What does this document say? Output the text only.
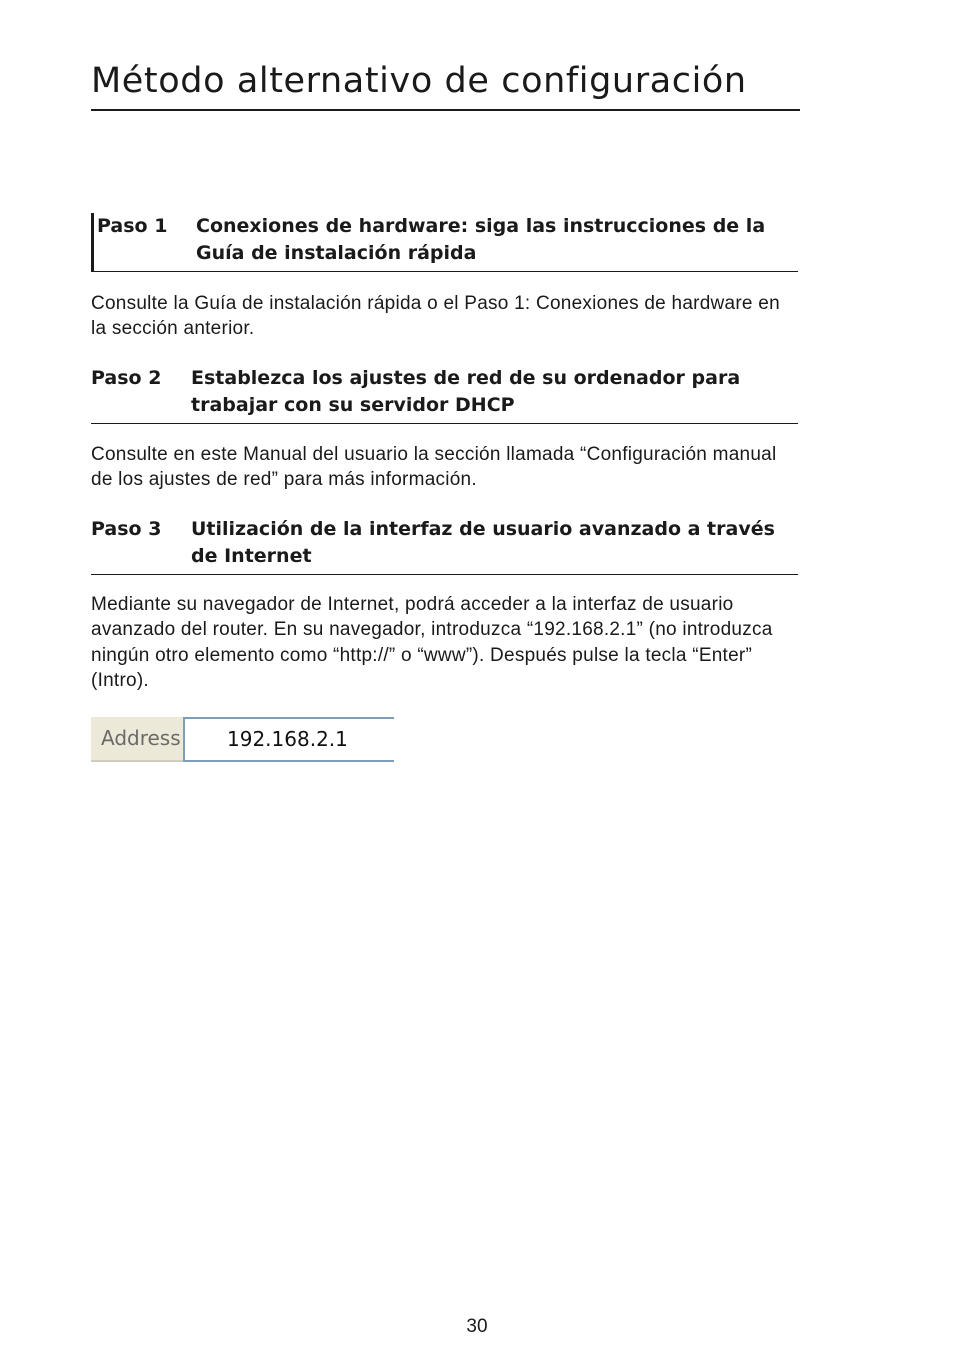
Método alternativo de configuración
Paso 1 Conexiones de hardware: siga las instrucciones de la Guía de instalación rápida
Consulte la Guía de instalación rápida o el Paso 1: Conexiones de hardware en la sección anterior.
Paso 2 Establezca los ajustes de red de su ordenador para trabajar con su servidor DHCP
Consulte en este Manual del usuario la sección llamada “Configuración manual de los ajustes de red” para más información.
Paso 3 Utilización de la interfaz de usuario avanzado a través de Internet
Mediante su navegador de Internet, podrá acceder a la interfaz de usuario avanzado del router. En su navegador, introduzca “192.168.2.1” (no introduzca ningún otro elemento como “http://” o “www”). Después pulse la tecla “Enter” (Intro).
Address	192.168.2.1
30
